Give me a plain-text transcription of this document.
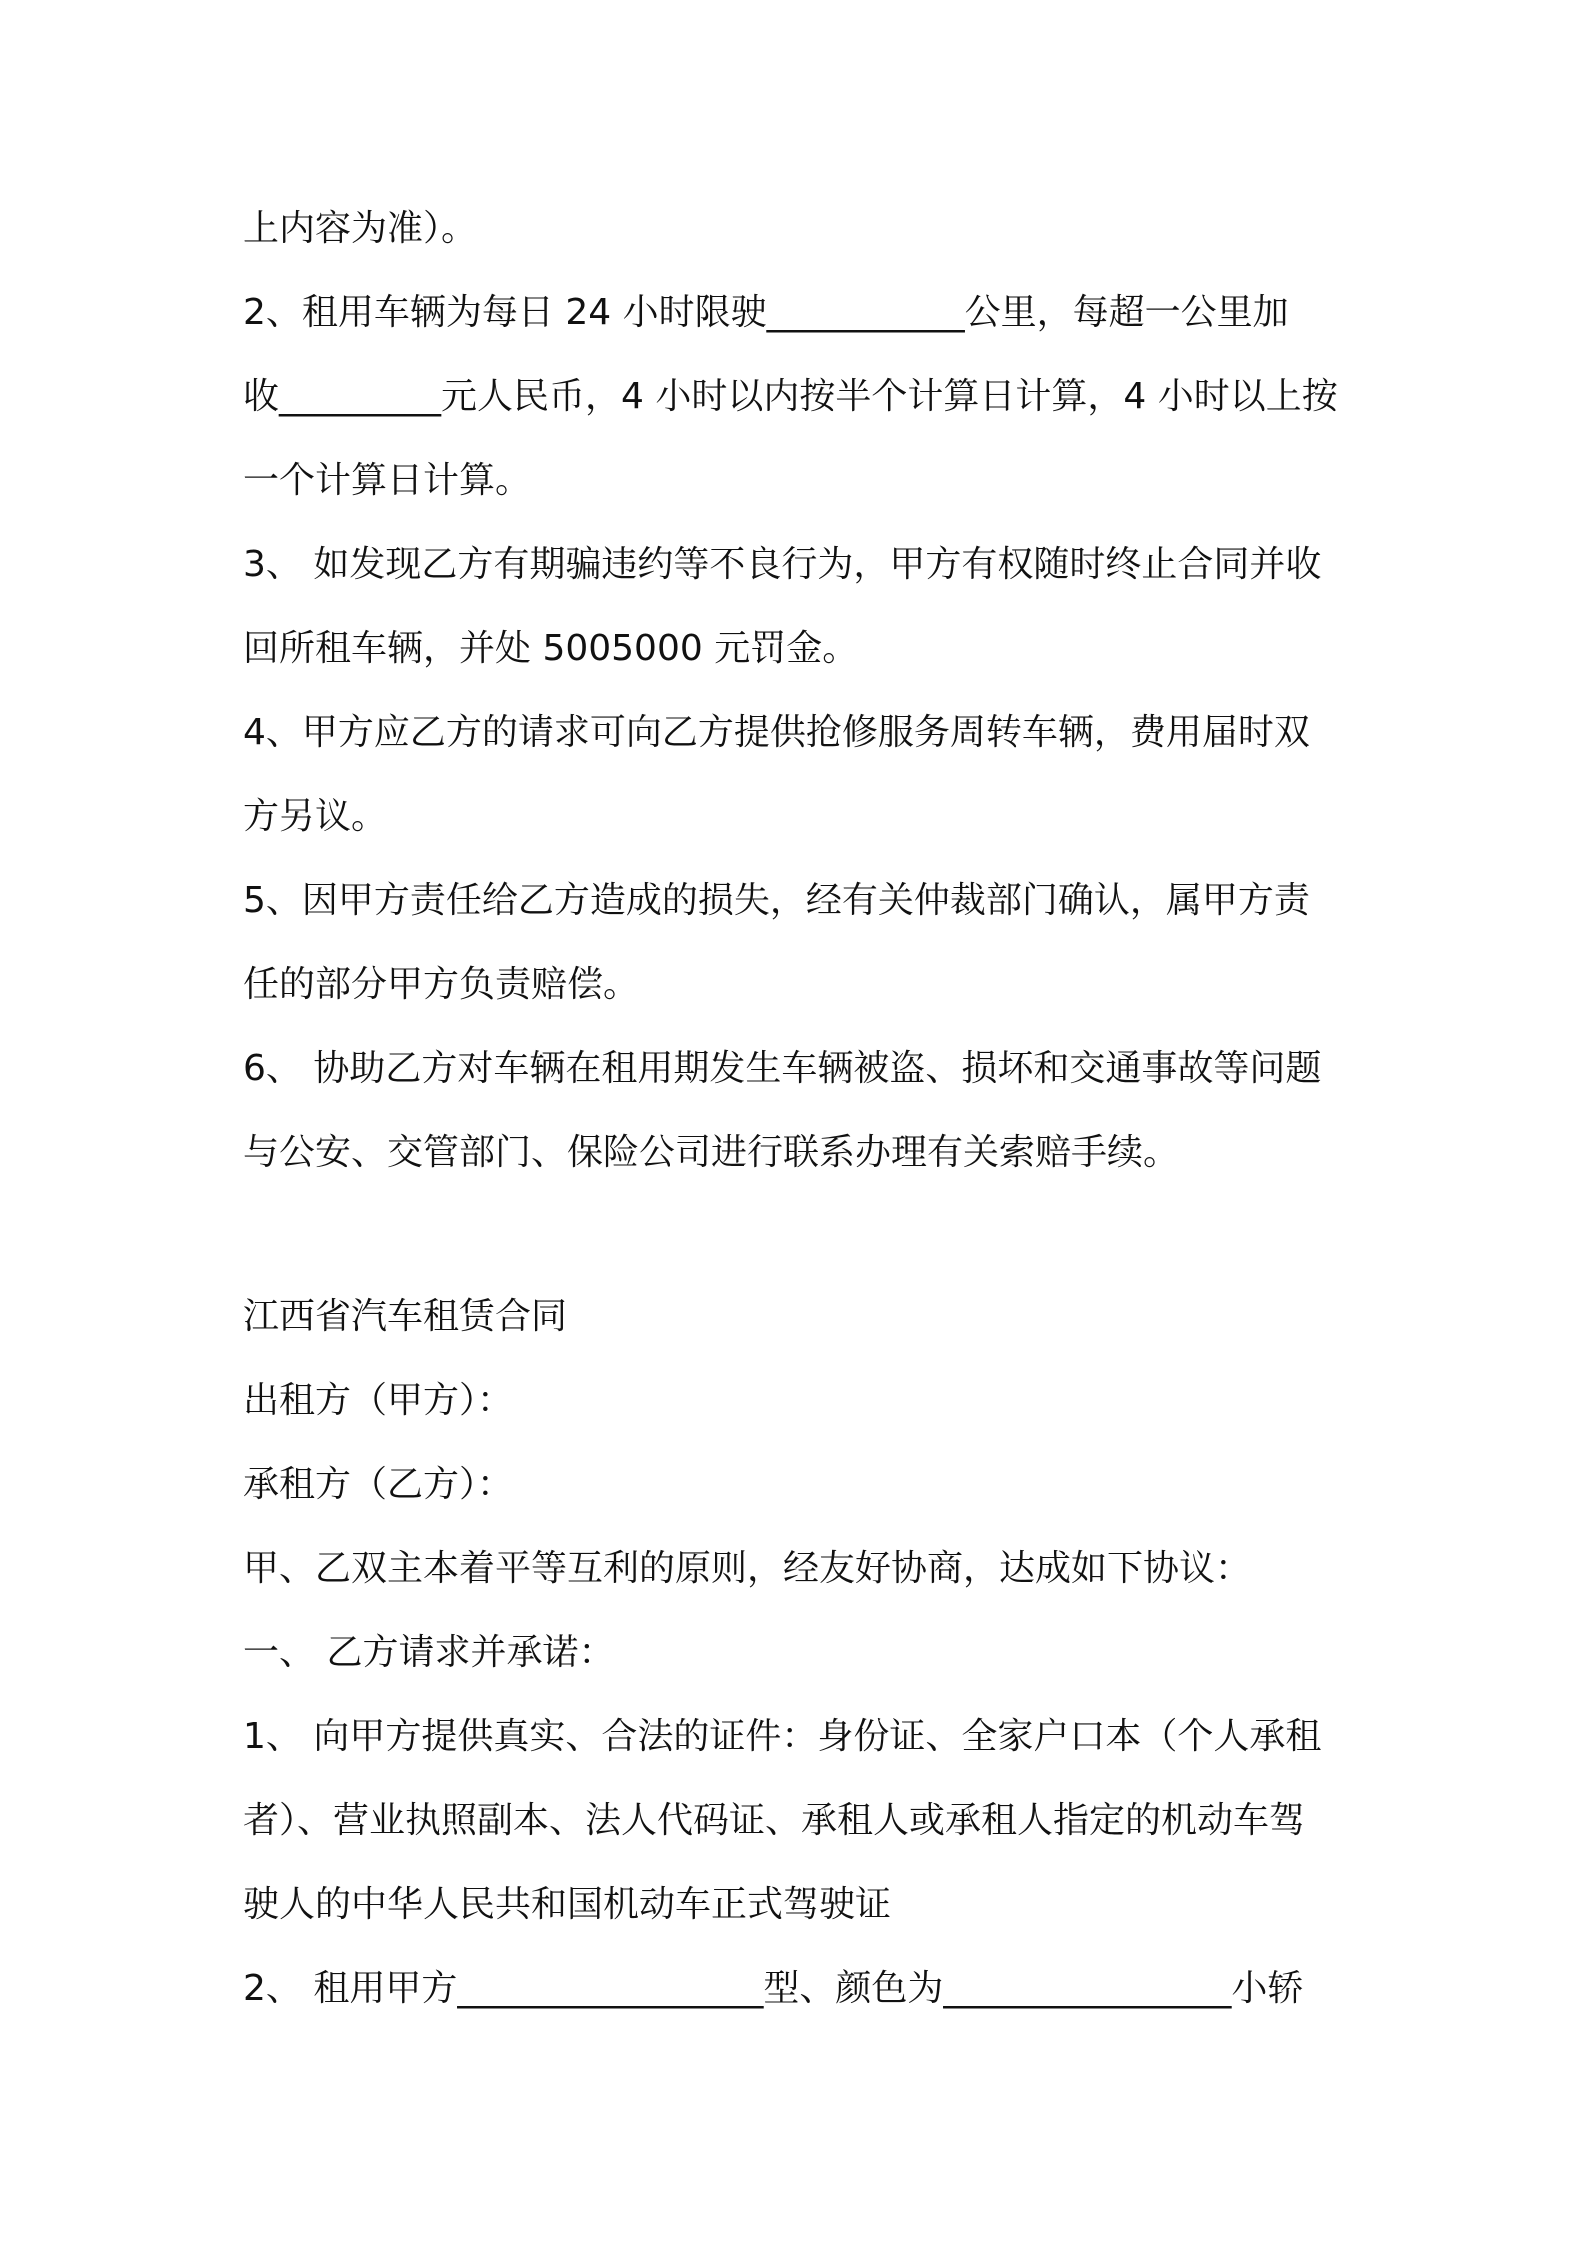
上内容为准）。
2、租用车辆为每日 24 小时限驶___________公里，每超一公里加
收_________元人民币，4 小时以内按半个计算日计算，4 小时以上按
一个计算日计算。
3、 如发现乙方有期骗违约等不良行为，甲方有权随时终止合同并收
回所租车辆，并处 5005000 元罚金。
4、甲方应乙方的请求可向乙方提供抢修服务周转车辆，费用届时双
方另议。
5、因甲方责任给乙方造成的损失，经有关仲裁部门确认，属甲方责
任的部分甲方负责赔偿。
6、 协助乙方对车辆在租用期发生车辆被盗、损坏和交通事故等问题
与公安、交管部门、保险公司进行联系办理有关索赔手续。
江西省汽车租赁合同
出租方（甲方）：
承租方（乙方）：
甲、乙双主本着平等互利的原则，经友好协商，达成如下协议：
一、 乙方请求并承诺：
1、 向甲方提供真实、合法的证件：身份证、全家户口本（个人承租
者）、营业执照副本、法人代码证、承租人或承租人指定的机动车驾
驶人的中华人民共和国机动车正式驾驶证
2、 租用甲方_________________型、颜色为________________小轿
